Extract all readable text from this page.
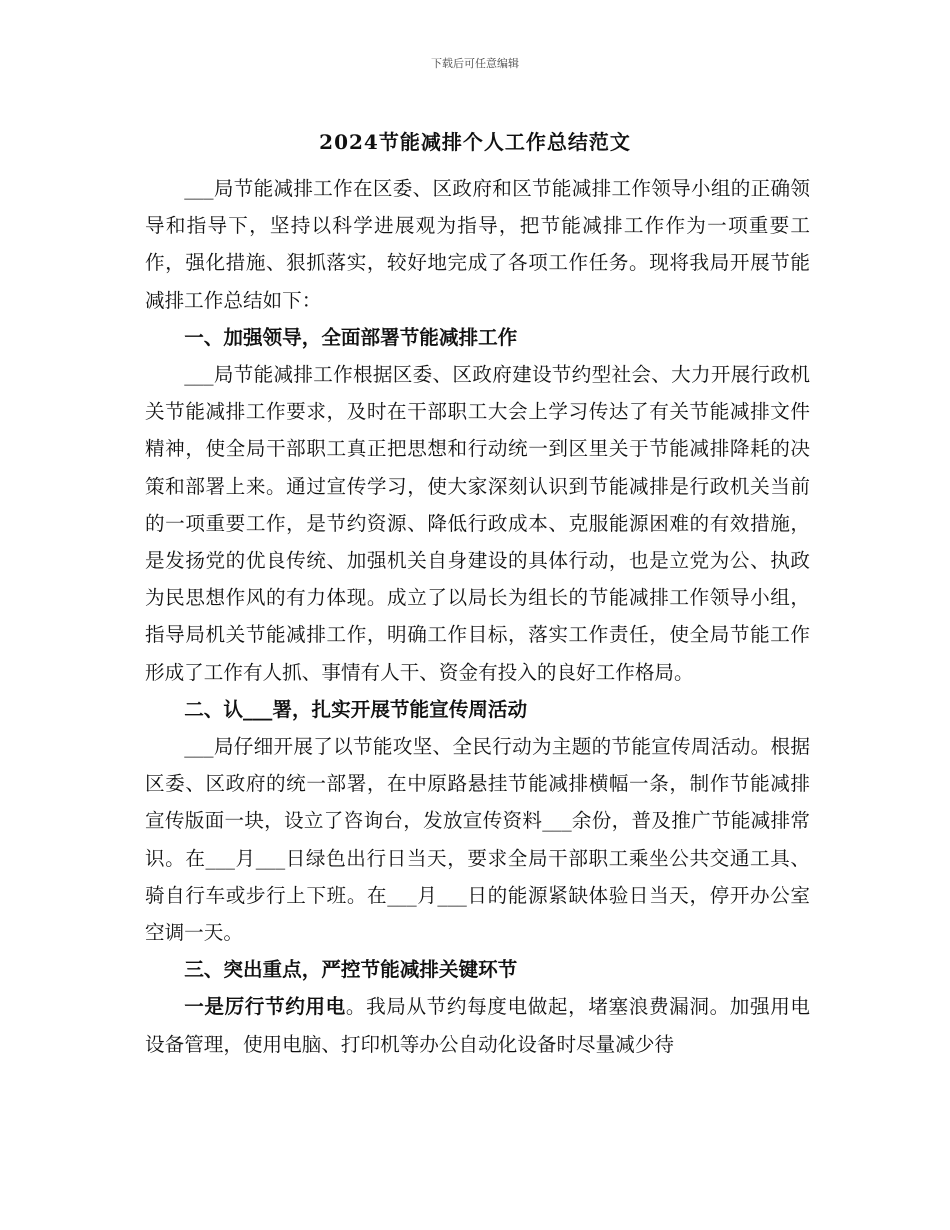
下载后可任意编辑
2024节能减排个人工作总结范文

___局节能减排工作在区委、区政府和区节能减排工作领导小组的正确领导和指导下，坚持以科学进展观为指导，把节能减排工作作为一项重要工作，强化措施、狠抓落实，较好地完成了各项工作任务。现将我局开展节能减排工作总结如下：

一、加强领导，全面部署节能减排工作

___局节能减排工作根据区委、区政府建设节约型社会、大力开展行政机关节能减排工作要求，及时在干部职工大会上学习传达了有关节能减排文件精神，使全局干部职工真正把思想和行动统一到区里关于节能减排降耗的决策和部署上来。通过宣传学习，使大家深刻认识到节能减排是行政机关当前的一项重要工作，是节约资源、降低行政成本、克服能源困难的有效措施，是发扬党的优良传统、加强机关自身建设的具体行动，也是立党为公、执政为民思想作风的有力体现。成立了以局长为组长的节能减排工作领导小组，指导局机关节能减排工作，明确工作目标，落实工作责任，使全局节能工作形成了工作有人抓、事情有人干、资金有投入的良好工作格局。

二、认___署，扎实开展节能宣传周活动

___局仔细开展了以节能攻坚、全民行动为主题的节能宣传周活动。根据区委、区政府的统一部署，在中原路悬挂节能减排横幅一条，制作节能减排宣传版面一块，设立了咨询台，发放宣传资料___余份，普及推广节能减排常识。在___月___日绿色出行日当天，要求全局干部职工乘坐公共交通工具、骑自行车或步行上下班。在___月___日的能源紧缺体验日当天，停开办公室空调一天。

三、突出重点，严控节能减排关键环节

一是厉行节约用电。我局从节约每度电做起，堵塞浪费漏洞。加强用电设备管理，使用电脑、打印机等办公自动化设备时尽量减少待
